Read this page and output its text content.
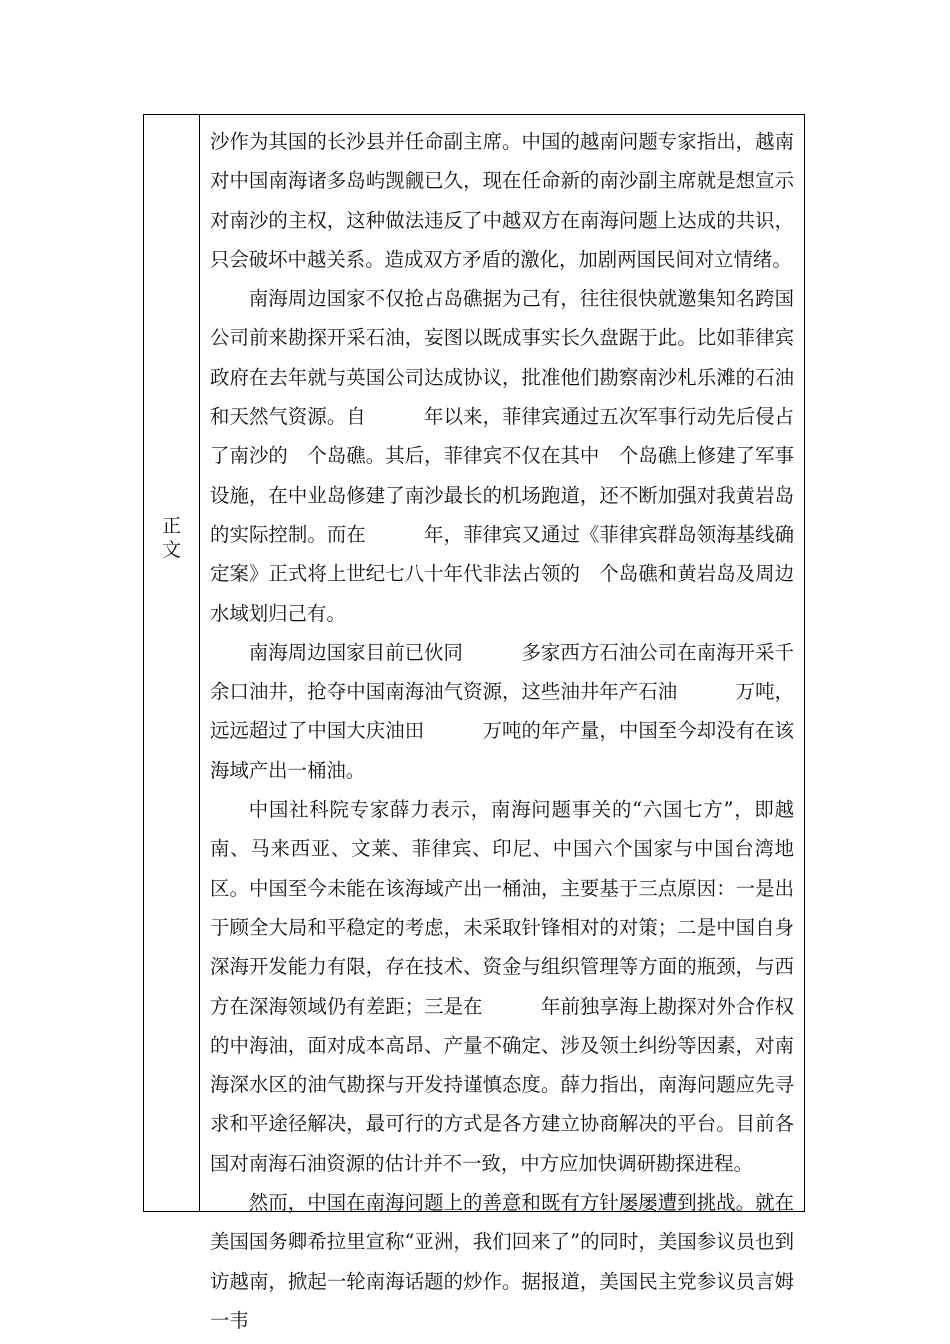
正文

沙作为其国的长沙县并任命副主席。中国的越南问题专家指出，越南对中国南海诸多岛屿觊觎已久，现在任命新的南沙副主席就是想宣示对南沙的主权，这种做法违反了中越双方在南海问题上达成的共识，只会破坏中越关系。造成双方矛盾的激化，加剧两国民间对立情绪。

南海周边国家不仅抢占岛礁据为己有，往往很快就邀集知名跨国公司前来勘探开采石油，妄图以既成事实长久盘踞于此。比如菲律宾政府在去年就与英国公司达成协议，批准他们勘察南沙札乐滩的石油和天然气资源。自　　　年以来，菲律宾通过五次军事行动先后侵占了南沙的　个岛礁。其后，菲律宾不仅在其中　个岛礁上修建了军事设施，在中业岛修建了南沙最长的机场跑道，还不断加强对我黄岩岛的实际控制。而在　　　年，菲律宾又通过《菲律宾群岛领海基线确定案》正式将上世纪七八十年代非法占领的　个岛礁和黄岩岛及周边水域划归己有。

南海周边国家目前已伙同　　　多家西方石油公司在南海开采千余口油井，抢夺中国南海油气资源，这些油井年产石油　　　万吨，远远超过了中国大庆油田　　　万吨的年产量，中国至今却没有在该海域产出一桶油。

中国社科院专家薛力表示，南海问题事关的“六国七方”，即越南、马来西亚、文莱、菲律宾、印尼、中国六个国家与中国台湾地区。中国至今未能在该海域产出一桶油，主要基于三点原因：一是出于顾全大局和平稳定的考虑，未采取针锋相对的对策；二是中国自身深海开发能力有限，存在技术、资金与组织管理等方面的瓶颈，与西方在深海领域仍有差距；三是在　　　年前独享海上勘探对外合作权的中海油，面对成本高昂、产量不确定、涉及领土纠纷等因素，对南海深水区的油气勘探与开发持谨慎态度。薛力指出，南海问题应先寻求和平途径解决，最可行的方式是各方建立协商解决的平台。目前各国对南海石油资源的估计并不一致，中方应加快调研勘探进程。

然而，中国在南海问题上的善意和既有方针屡屡遭到挑战。就在美国国务卿希拉里宣称“亚洲，我们回来了”的同时，美国参议员也到访越南，掀起一轮南海话题的炒作。据报道，美国民主党参议员言姆一韦
